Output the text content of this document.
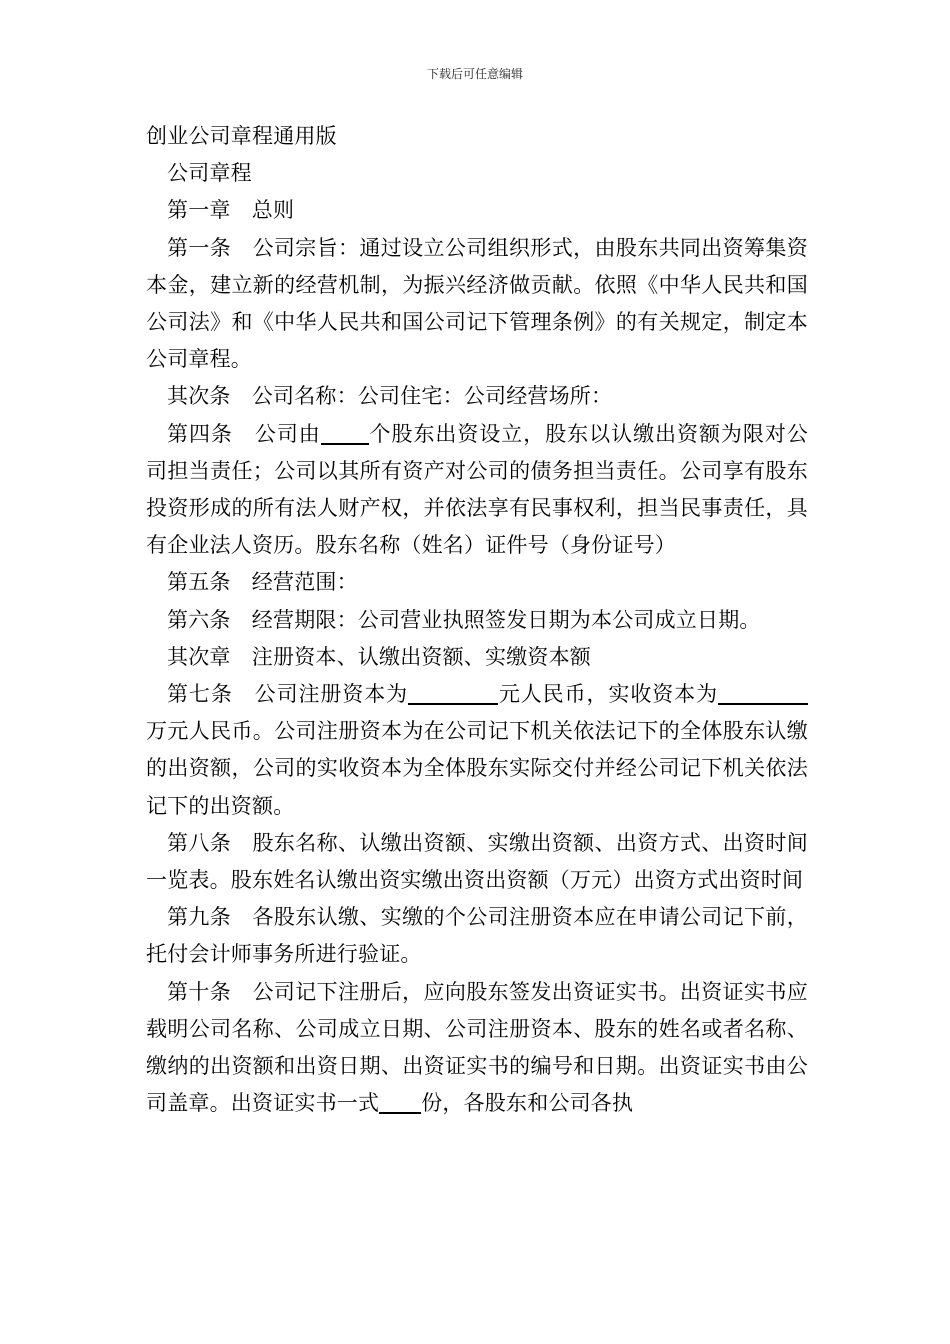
下载后可任意编辑

创业公司章程通用版

公司章程

第一章　总则

第一条　公司宗旨：通过设立公司组织形式，由股东共同出资筹集资本金，建立新的经营机制，为振兴经济做贡献。依照《中华人民共和国公司法》和《中华人民共和国公司记下管理条例》的有关规定，制定本公司章程。

其次条　公司名称：公司住宅：公司经营场所：

第四条　公司由 个股东出资设立，股东以认缴出资额为限对公司担当责任；公司以其所有资产对公司的债务担当责任。公司享有股东投资形成的所有法人财产权，并依法享有民事权利，担当民事责任，具有企业法人资历。股东名称（姓名）证件号（身份证号）

第五条　经营范围：

第六条　经营期限：公司营业执照签发日期为本公司成立日期。

其次章　注册资本、认缴出资额、实缴资本额

第七条　公司注册资本为	元人民币，实收资本为万元人民币。公司注册资本为在公司记下机关依法记下的全体股东认缴的出资额，公司的实收资本为全体股东实际交付并经公司记下机关依法记下的出资额。

第八条　股东名称、认缴出资额、实缴出资额、出资方式、出资时间一览表。股东姓名认缴出资实缴出资出资额（万元）出资方式出资时间

第九条　各股东认缴、实缴的个公司注册资本应在申请公司记下前，托付会计师事务所进行验证。

第十条　公司记下注册后，应向股东签发出资证实书。出资证实书应载明公司名称、公司成立日期、公司注册资本、股东的姓名或者名称、缴纳的出资额和出资日期、出资证实书的编号和日期。出资证实书由公司盖章。出资证实书一式 份，各股东和公司各执
